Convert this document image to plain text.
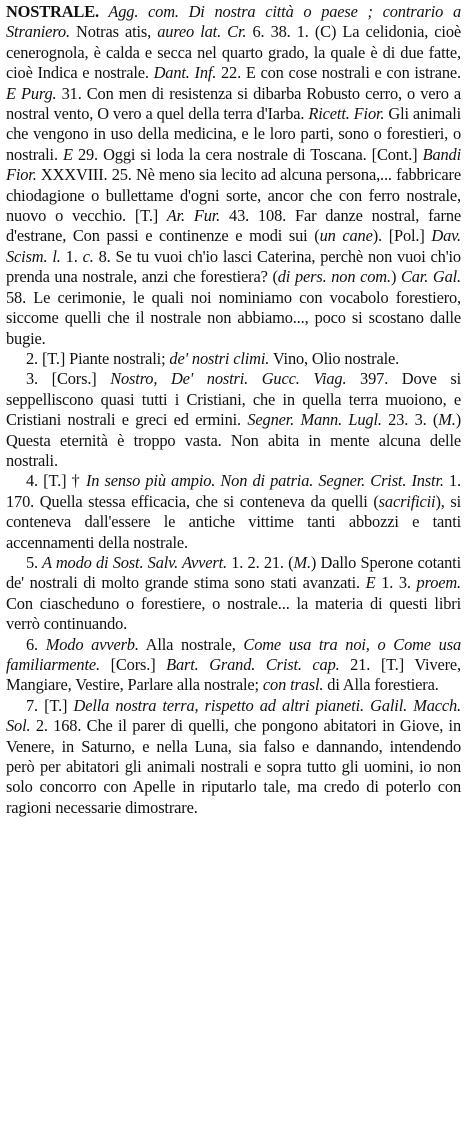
NOSTRALE. Agg. com. Di nostra città o paese ; contrario a Straniero. Notras atis, aureo lat. Cr. 6. 38. 1. (C) La celidonia, cioè cenerognola, è calda e secca nel quarto grado, la quale è di due fatte, cioè Indica e nostrale. Dant. Inf. 22. E con cose nostrali e con istrane. E Purg. 31. Con men di resistenza si dibarba Robusto cerro, o vero a nostral vento, O vero a quel della terra d'Iarba. Ricett. Fior. Gli animali che vengono in uso della medicina, e le loro parti, sono o forestieri, o nostrali. E 29. Oggi si loda la cera nostrale di Toscana. [Cont.] Bandi Fior. XXXVIII. 25. Nè meno sia lecito ad alcuna persona,... fabbricare chiodagione o bullettame d'ogni sorte, ancor che con ferro nostrale, nuovo o vecchio. [T.] Ar. Fur. 43. 108. Far danze nostral, farne d'estrane, Con passi e continenze e modi sui (un cane). [Pol.] Dav. Scism. l. 1. c. 8. Se tu vuoi ch'io lasci Caterina, perchè non vuoi ch'io prenda una nostrale, anzi che forestiera? (di pers. non com.) Car. Gal. 58. Le cerimonie, le quali noi nominiamo con vocabolo forestiero, siccome quelli che il nostrale non abbiamo..., poco si scostano dalle bugie.

2. [T.] Piante nostrali; de' nostri climi. Vino, Olio nostrale.

3. [Cors.] Nostro, De' nostri. Gucc. Viag. 397. Dove si seppelliscono quasi tutti i Cristiani, che in quella terra muoiono, e Cristiani nostrali e greci ed ermini. Segner. Mann. Lugl. 23. 3. (M.) Questa eternità è troppo vasta. Non abita in mente alcuna delle nostrali.

4. [T.] † In senso più ampio. Non di patria. Segner. Crist. Instr. 1. 170. Quella stessa efficacia, che si conteneva da quelli (sacrificii), si conteneva dall'essere le antiche vittime tanti abbozzi e tanti accennamenti della nostrale.

5. A modo di Sost. Salv. Avvert. 1. 2. 21. (M.) Dallo Sperone cotanti de' nostrali di molto grande stima sono stati avanzati. E 1. 3. proem. Con ciascheduno o forestiere, o nostrale... la materia di questi libri verrò continuando.

6. Modo avverb. Alla nostrale, Come usa tra noi, o Come usa familiarmente. [Cors.] Bart. Grand. Crist. cap. 21. [T.] Vivere, Mangiare, Vestire, Parlare alla nostrale; con trasl. di Alla forestiera.

7. [T.] Della nostra terra, rispetto ad altri pianeti. Galil. Macch. Sol. 2. 168. Che il parer di quelli, che pongono abitatori in Giove, in Venere, in Saturno, e nella Luna, sia falso e dannando, intendendo però per abitatori gli animali nostrali e sopra tutto gli uomini, io non solo concorro con Apelle in riputarlo tale, ma credo di poterlo con ragioni necessarie dimostrare.
